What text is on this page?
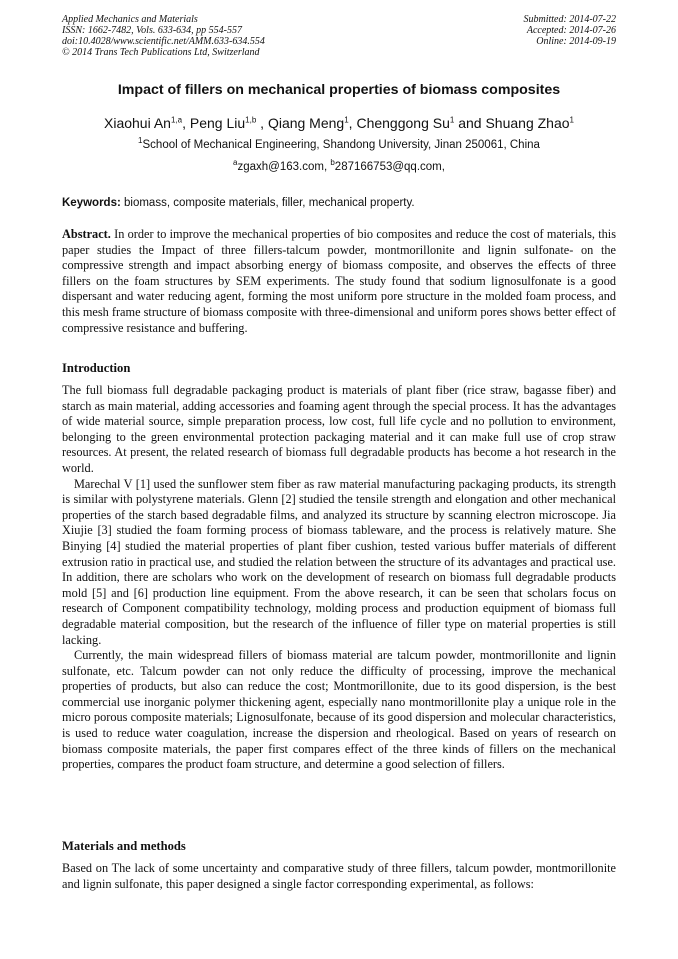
Applied Mechanics and Materials
ISSN: 1662-7482, Vols. 633-634, pp 554-557
doi:10.4028/www.scientific.net/AMM.633-634.554
© 2014 Trans Tech Publications Ltd, Switzerland
Submitted: 2014-07-22
Accepted: 2014-07-26
Online: 2014-09-19
Impact of fillers on mechanical properties of biomass composites
Xiaohui An$^{1,a}$, Peng Liu$^{1,b}$ , Qiang Meng$^1$, Chenggong Su$^1$ and Shuang Zhao$^1$
$^1$School of Mechanical Engineering, Shandong University, Jinan 250061, China
$^a$zgaxh@163.com, $^b$287166753@qq.com,
Keywords: biomass, composite materials, filler, mechanical property.
Abstract. In order to improve the mechanical properties of bio composites and reduce the cost of materials, this paper studies the Impact of three fillers-talcum powder, montmorillonite and lignin sulfonate- on the compressive strength and impact absorbing energy of biomass composite, and observes the effects of three fillers on the foam structures by SEM experiments. The study found that sodium lignosulfonate is a good dispersant and water reducing agent, forming the most uniform pore structure in the molded foam process, and this mesh frame structure of biomass composite with three-dimensional and uniform pores shows better effect of compressive resistance and buffering.
Introduction

The full biomass full degradable packaging product is materials of plant fiber (rice straw, bagasse fiber) and starch as main material, adding accessories and foaming agent through the special process. It has the advantages of wide material source, simple preparation process, low cost, full life cycle and no pollution to environment, belonging to the green environmental protection packaging material and it can make full use of crop straw resources. At present, the related research of biomass full degradable products has become a hot research in the world.

Marechal V [1] used the sunflower stem fiber as raw material manufacturing packaging products, its strength is similar with polystyrene materials. Glenn [2] studied the tensile strength and elongation and other mechanical properties of the starch based degradable films, and analyzed its structure by scanning electron microscope. Jia Xiujie [3] studied the foam forming process of biomass tableware, and the process is relatively mature. She Binying [4] studied the material properties of plant fiber cushion, tested various buffer materials of different extrusion ratio in practical use, and studied the relation between the structure of its advantages and practical use. In addition, there are scholars who work on the development of research on biomass full degradable products mold [5] and [6] production line equipment. From the above research, it can be seen that scholars focus on research of Component compatibility technology, molding process and production equipment of biomass full degradable material composition, but the research of the influence of filler type on material properties is still lacking.

Currently, the main widespread fillers of biomass material are talcum powder, montmorillonite and lignin sulfonate, etc. Talcum powder can not only reduce the difficulty of processing, improve the mechanical properties of products, but also can reduce the cost; Montmorillonite, due to its good dispersion, is the best commercial use inorganic polymer thickening agent, especially nano montmorillonite play a unique role in the micro porous composite materials; Lignosulfonate, because of its good dispersion and molecular characteristics, is used to reduce water coagulation, increase the dispersion and rheological. Based on years of research on biomass composite materials, the paper first compares effect of the three kinds of fillers on the mechanical properties, compares the product foam structure, and determine a good selection of fillers.

Materials and methods

Based on The lack of some uncertainty and comparative study of three fillers, talcum powder, montmorillonite and lignin sulfonate, this paper designed a single factor corresponding experimental, as follows:
